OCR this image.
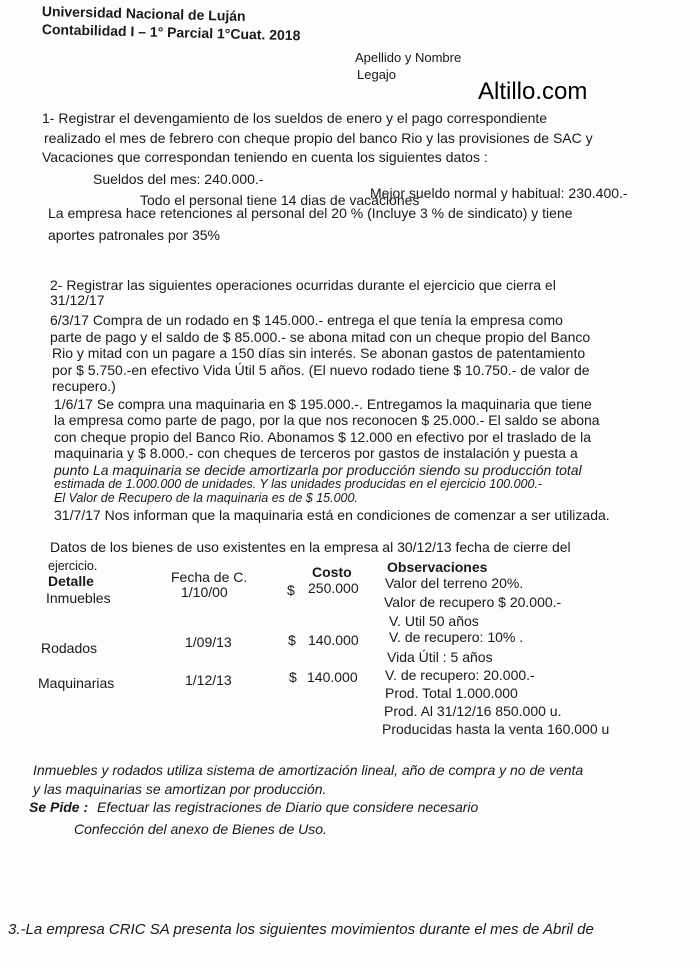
Universidad Nacional de Luján
Contabilidad I – 1° Parcial 1°Cuat. 2018
Apellido y Nombre
Legajo
Altillo.com
1- Registrar el devengamiento de los sueldos de enero y el pago correspondiente
realizado el mes de febrero con cheque propio del banco Rio y las provisiones de SAC y
Vacaciones que correspondan teniendo en cuenta los siguientes datos :
Sueldos del mes: 240.000.-
Mejor sueldo normal y habitual: 230.400.-
Todo el personal tiene 14 dias de vacaciones
La empresa hace retenciones al personal del 20 % (Incluye 3 % de sindicato) y tiene
aportes patronales por 35%
2- Registrar las siguientes operaciones ocurridas durante el ejercicio que cierra el
31/12/17
6/3/17 Compra de un rodado en $ 145.000.- entrega el que tenía la empresa como
parte de pago y el saldo de $ 85.000.- se abona mitad con un cheque propio del Banco
Rio y mitad con un pagare a 150 días sin interés. Se abonan gastos de patentamiento
por $ 5.750.-en efectivo Vida Útil 5 años. (El nuevo rodado tiene $ 10.750.- de valor de
recupero.)
1/6/17 Se compra una maquinaria en $ 195.000.-. Entregamos la maquinaria que tiene
la empresa como parte de pago, por la que nos reconocen $ 25.000.- El saldo se abona
con cheque propio del Banco Rio. Abonamos $ 12.000 en efectivo por el traslado de la
maquinaria y $ 8.000.- con cheques de terceros por gastos de instalación y puesta a
punto La maquinaria se decide amortizarla por producción siendo su producción total
estimada de 1.000.000 de unidades. Y las unidades producidas en el ejercicio 100.000.-
El Valor de Recupero de la maquinaria es de $ 15.000.
31/7/17 Nos informan que la maquinaria está en condiciones de comenzar a ser utilizada.
Datos de los bienes de uso existentes en la empresa al 30/12/13 fecha de cierre del
ejercicio.
Detalle	Fecha de C.	Costo	Observaciones
Inmuebles	1/10/00	$ 250.000 Valor del terreno 20%.
Valor de recupero $ 20.000.-
V. Util 50 años
Rodados	1/09/13	$ 140.000 V. de recupero: 10% .
Vida Útil : 5 años
Maquinarias	1/12/13	$ 140.000 V. de recupero: 20.000.-
Prod. Total 1.000.000
Prod. Al 31/12/16 850.000 u.
Producidas hasta la venta 160.000 u
Inmuebles y rodados utiliza sistema de amortización lineal, año de compra y no de venta
y las maquinarias se amortizan por producción.
Se Pide : Efectuar las registraciones de Diario que considere necesario
Confección del anexo de Bienes de Uso.
3.-La empresa CRIC SA presenta los siguientes movimientos durante el mes de Abril de
